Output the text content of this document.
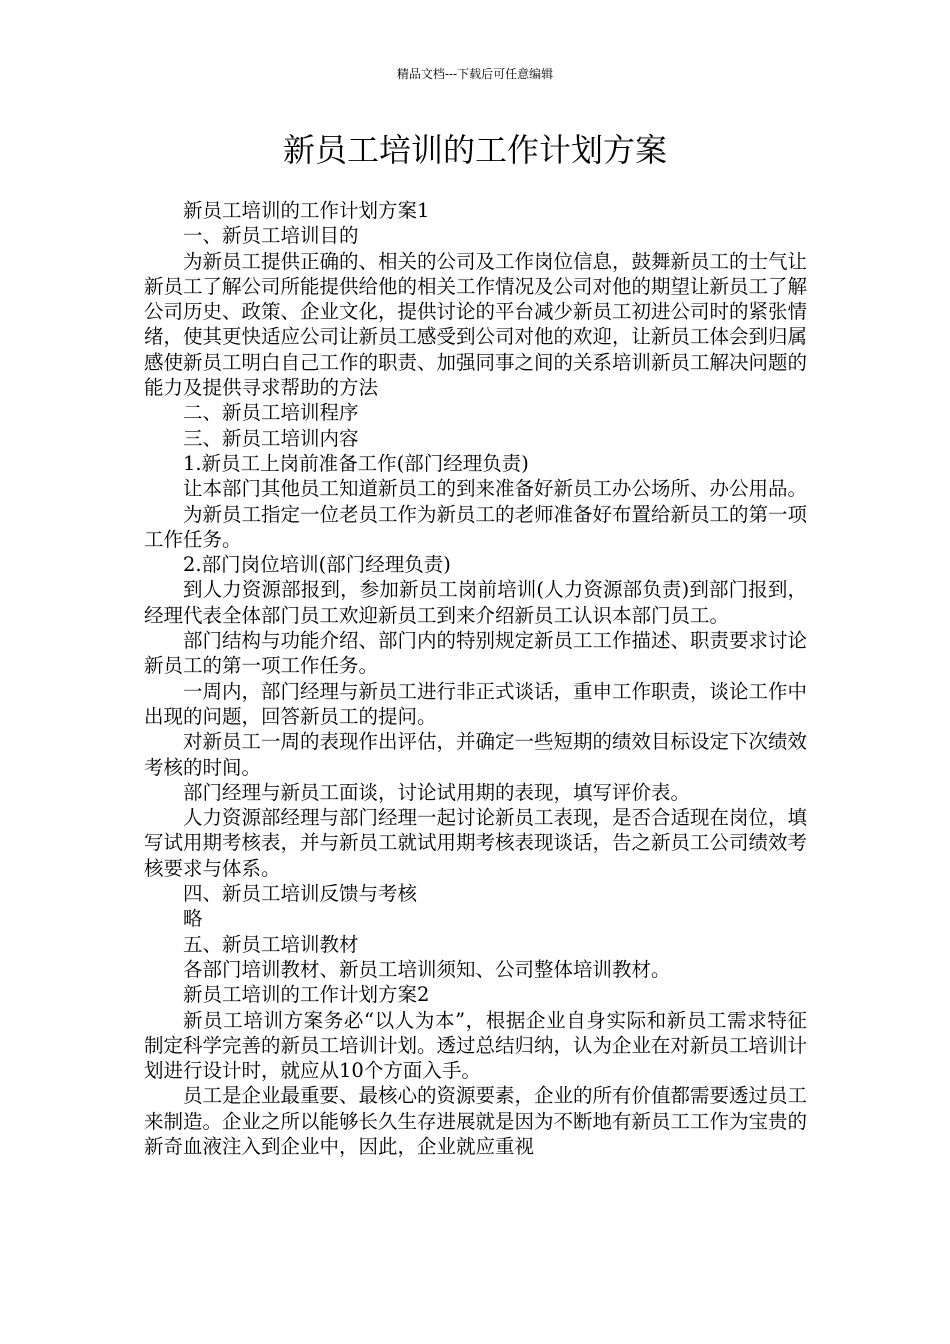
精品文档---下载后可任意编辑
新员工培训的工作计划方案

新员工培训的工作计划方案1

一、新员工培训目的

为新员工提供正确的、相关的公司及工作岗位信息，鼓舞新员工的士气让新员工了解公司所能提供给他的相关工作情况及公司对他的期望让新员工了解公司历史、政策、企业文化，提供讨论的平台减少新员工初进公司时的紧张情绪，使其更快适应公司让新员工感受到公司对他的欢迎，让新员工体会到归属感使新员工明白自己工作的职责、加强同事之间的关系培训新员工解决问题的能力及提供寻求帮助的方法

二、新员工培训程序

三、新员工培训内容

1.新员工上岗前准备工作(部门经理负责)

让本部门其他员工知道新员工的到来准备好新员工办公场所、办公用品。

为新员工指定一位老员工作为新员工的老师准备好布置给新员工的第一项工作任务。

2.部门岗位培训(部门经理负责)

到人力资源部报到，参加新员工岗前培训(人力资源部负责)到部门报到，经理代表全体部门员工欢迎新员工到来介绍新员工认识本部门员工。

部门结构与功能介绍、部门内的特别规定新员工工作描述、职责要求讨论新员工的第一项工作任务。

一周内，部门经理与新员工进行非正式谈话，重申工作职责，谈论工作中出现的问题，回答新员工的提问。

对新员工一周的表现作出评估，并确定一些短期的绩效目标设定下次绩效考核的时间。

部门经理与新员工面谈，讨论试用期的表现，填写评价表。

人力资源部经理与部门经理一起讨论新员工表现，是否合适现在岗位，填写试用期考核表，并与新员工就试用期考核表现谈话，告之新员工公司绩效考核要求与体系。

四、新员工培训反馈与考核

略

五、新员工培训教材

各部门培训教材、新员工培训须知、公司整体培训教材。

新员工培训的工作计划方案2

新员工培训方案务必“以人为本”，根据企业自身实际和新员工需求特征制定科学完善的新员工培训计划。透过总结归纳，认为企业在对新员工培训计划进行设计时，就应从10个方面入手。

员工是企业最重要、最核心的资源要素，企业的所有价值都需要透过员工来制造。企业之所以能够长久生存进展就是因为不断地有新员工工作为宝贵的新奇血液注入到企业中，因此，企业就应重视
